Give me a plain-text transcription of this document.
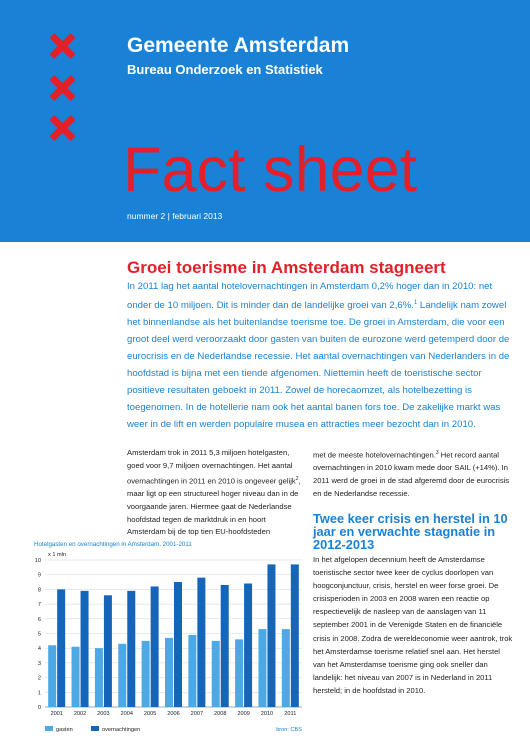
Gemeente Amsterdam
Bureau Onderzoek en Statistiek
Fact sheet
nummer 2 | februari 2013
Groei toerisme in Amsterdam stagneert
In 2011 lag het aantal hotelovernachtingen in Amsterdam 0,2% hoger dan in 2010: net onder de 10 miljoen. Dit is minder dan de landelijke groei van 2,6%.$^1$ Landelijk nam zowel het binnenlandse als het buitenlandse toerisme toe. De groei in Amsterdam, die voor een groot deel werd veroorzaakt door gasten van buiten de eurozone werd getemperd door de eurocrisis en de Nederlandse recessie. Het aantal overnachtingen van Nederlanders in de hoofdstad is bijna met een tiende afgenomen. Niettemin heeft de toeristische sector positieve resultaten geboekt in 2011. Zowel de horecaomzet, als hotelbezetting is toegenomen. In de hotellerie nam ook het aantal banen fors toe. De zakelijke markt was weer in de lift en werden populaire musea en attracties meer bezocht dan in 2010.
Amsterdam trok in 2011 5,3 miljoen hotelgasten, goed voor 9,7 miljoen overnachtingen. Het aantal overnachtingen in 2011 en 2010 is ongeveer gelijk$^2$, maar ligt op een structureel hoger niveau dan in de voorgaande jaren. Hiermee gaat de Nederlandse hoofdstad tegen de marktdruk in en hoort Amsterdam bij de top tien EU-hoofdsteden
met de meeste hotelovernachtingen.$^3$ Het record aantal overnachtingen in 2010 kwam mede door SAIL (+14%). In 2011 werd de groei in de stad afgeremd door de eurocrisis en de Nederlandse recessie.
Twee keer crisis en herstel in 10 jaar en verwachte stagnatie in 2012-2013
In het afgelopen decennium heeft de Amsterdamse toeristische sector twee keer de cyclus doorlopen van hoogconjunctuur, crisis, herstel en weer forse groei. De crisisperioden in 2003 en 2008 waren een reactie op respectievelijk de nasleep van de aanslagen van 11 september 2001 in de Verenigde Staten en de financiële crisis in 2008. Zodra de wereldeconomie weer aantrok, trok het Amsterdamse toerisme relatief snel aan. Het herstel van het Amsterdamse toerisme ging ook sneller dan landelijk: het niveau van 2007 is in Nederland in 2011 hersteld; in de hoofdstad in 2010.
Hotelgasten en overnachtingen in Amsterdam, 2001-2011
0
1
2
3
4
5
6
7
8
9
10
x 1 mln
2001 2002 2003 2004 2005 2006 2007 2008 2009 2010 2011
gasten	overnachtingen	bron: CBS
